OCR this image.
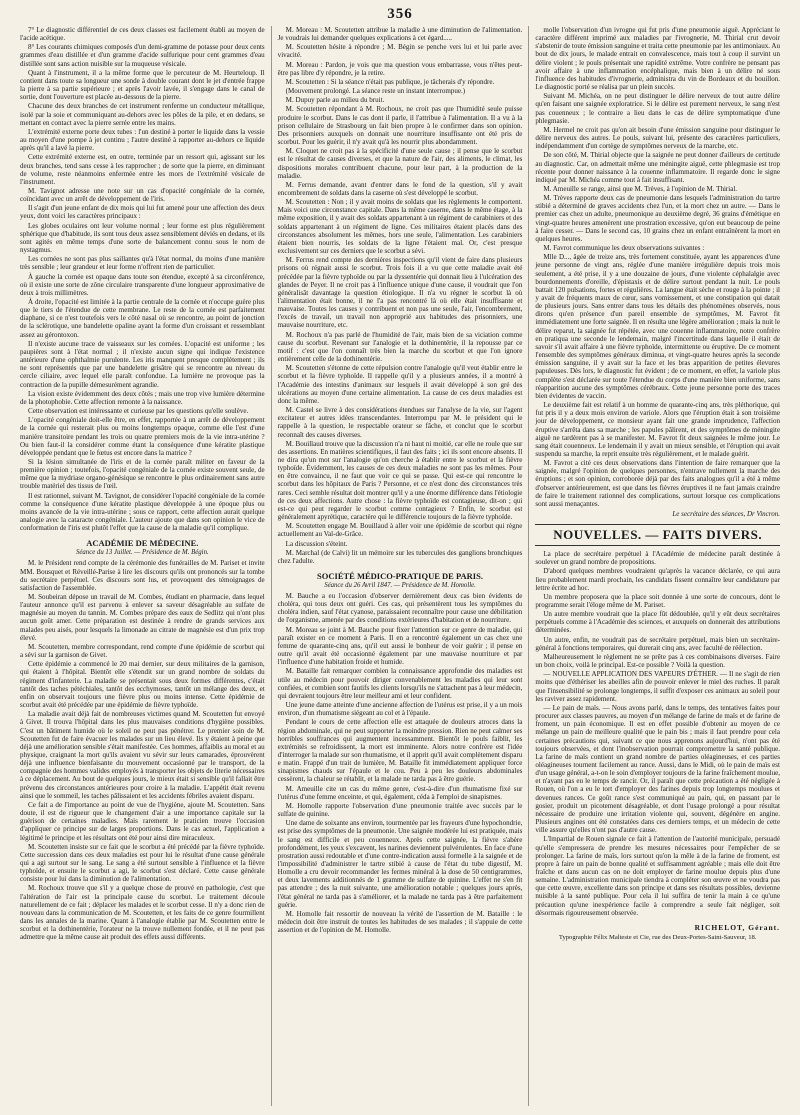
356

7° Le diagnostic différentiel de ces deux classes est facilement établi au moyen de l'acide acétique.

8° Les courants chimiques composés d'un demi-gramme de potasse pour deux cents grammes d'eau distillée et d'un gramme d'acide sulfurique pour cent grammes d'eau distillée sont sans action nuisible sur la muqueuse vésicale.

Quant à l'instrument, il a la même forme que le percuteur de M. Heurteloup. Il contient dans toute sa longueur une sonde à double courant dont le jet d'entrée frappe la pierre à sa partie supérieure ; et après l'avoir lavée, il s'engage dans le canal de sortie, dont l'ouverture est placée au-dessous de la pierre.

Chacune des deux branches de cet instrument renferme un conducteur métallique, isolé par la soie et communiquant au-dehors avec les pôles de la pile, et en dedans, se mettant en contact avec la pierre serrée entre les mains.

L'extrémité externe porte deux tubes : l'un destiné à porter le liquide dans la vessie au moyen d'une pompe à jet continu ; l'autre destiné à rapporter au-dehors ce liquide après qu'il a lavé la pierre.

Cette extrémité externe est, en outre, terminée par un ressort qui, agissant sur les deux branches, tend sans cesse à les rapprocher ; de sorte que la pierre, en diminuant de volume, reste néanmoins enfermée entre les mors de l'extrémité vésicale de l'instrument.

M. Tavignot adresse une note sur un cas d'opacité congéniale de la cornée, coïncidant avec un arrêt de développement de l'iris.

Il s'agit d'un jeune enfant de dix mois qui lui fut amené pour une affection des deux yeux, dont voici les caractères principaux :

Les globes oculaires ont leur volume normal ; leur forme est plus régulièrement sphérique que d'habitude, ils sont tous deux assez sensiblement déviés en dedans, et ils sont agités en même temps d'une sorte de balancement connu sous le nom de nystagmus.

Les cornées ne sont pas plus saillantes qu'à l'état normal, du moins d'une manière très sensible ; leur grandeur et leur forme n'offrent rien de particulier.

À gauche la cornée est opaque dans toute son étendue, excepté à sa circonférence, où il existe une sorte de zône circulaire transparente d'une longueur approximative de deux à trois millimètres.

À droite, l'opacité est limitée à la partie centrale de la cornée et n'occupe guère plus que le tiers de l'étendue de cette membrane. Le reste de la cornée est parfaitement diaphane, si ce n'est toutefois vers le côté nasal où se rencontre, au point de jonction de la sclérotique, une bandelette opaline ayant la forme d'un croissant et ressemblant assez au gérontoxon.

Il n'existe aucune trace de vaisseaux sur les cornées. L'opacité est uniforme ; les paupières sont à l'état normal ; il n'existe aucun signe qui indique l'existence antérieure d'une ophthalmie purulente. Les iris manquent presque complètement ; ils ne sont représentés que par une bandelette grisâtre qui se rencontre au niveau du cercle ciliaire, avec lequel elle paraît confondue. La lumière ne provoque pas la contraction de la pupille démesurément agrandie.

La vision existe évidemment des deux côtés ; mais une trop vive lumière détermine de la photophobie. Cette affection remonte à la naissance.

Cette observation est intéressante et curieuse par les questions qu'elle soulève.

L'opacité congéniale doit-elle être, en effet, rapportée à un arrêt de développement de la cornée qui resterait plus ou moins longtemps opaque, comme elle l'est d'une manière transitoire pendant les trois ou quatre premiers mois de la vie intra-utérine ? Ou bien faut-il la considérer comme étant la conséquence d'une kératite plastique développée pendant que le fœtus est encore dans la matrice ?

Si la lésion simultanée de l'iris et de la cornée paraît militer en faveur de la première opinion ; toutefois, l'opacité congéniale de la cornée existe souvent seule, de même que la mydriase organo-génésique se rencontre le plus ordinairement sans autre trouble matériel des tissus de l'œil.

Il est rationnel, suivant M. Tavignot, de considérer l'opacité congéniale de la cornée comme la conséquence d'une kératite plastique développée à une époque plus ou moins avancée de la vie intra-utérine ; sous ce rapport, cette affection aurait quelque analogie avec la cataracte congéniale. L'auteur ajoute que dans son opinion le vice de conformation de l'iris est plutôt l'effet que la cause de la maladie qu'il complique.

ACADÉMIE DE MÉDECINE.
Séance du 13 Juillet. — Présidence de M. Bégin.

M. le Président rend compte de la cérémonie des funérailles de M. Pariset et invite MM. Bousquet et Réveillé-Parise à lire les discours qu'ils ont prononcés sur la tombe du secrétaire perpétuel. Ces discours sont lus, et provoquent des témoignages de satisfaction de l'assemblée.

M. Soubeiran dépose un travail de M. Combes, étudiant en pharmacie, dans lequel l'auteur annonce qu'il est parvenu à enlever sa saveur désagréable au sulfate de magnésie au moyen du tannin. M. Combes prépare des eaux de Sedlitz qui n'ont plus aucun goût amer. Cette préparation est destinée à rendre de grands services aux malades peu aisés, pour lesquels la limonade au citrate de magnésie est d'un prix trop élevé.

M. Scoutetten, membre correspondant, rend compte d'une épidémie de scorbut qui a sévi sur la garnison de Givet.

Cette épidémie a commencé le 20 mai dernier, sur deux militaires de la garnison, qui étaient à l'hôpital. Bientôt elle s'étendit sur un grand nombre de soldats du régiment d'infanterie. La maladie se présentait sous deux formes différentes, c'était tantôt des taches pétéchiales, tantôt des ecchymoses, tantôt un mélange des deux, et enfin on observait toujours une fièvre plus ou moins intense. Cette épidémie de scorbut avait été précédée par une épidémie de fièvre typhoïde.

La maladie avait déjà fait de nombreuses victimes quand M. Scoutetten fut envoyé à Givet. Il trouva l'hôpital dans les plus mauvaises conditions d'hygiène possibles. C'est un bâtiment humide où le soleil ne peut pas pénétrer. Le premier soin de M. Scoutetten fut de faire évacuer les malades sur un lieu élevé. Ils y étaient à peine que déjà une amélioration sensible s'était manifestée. Ces hommes, affaiblis au moral et au physique, craignant la mort qu'ils avaient vu sévir sur leurs camarades, éprouvèrent déjà une influence bienfaisante du mouvement occasionné par le transport, de la compagnie des hommes valides employés à transporter les objets de literie nécessaires à ce déplacement. Au bout de quelques jours, le mieux était si sensible qu'il fallait être prévenu des circonstances antérieures pour croire à la maladie. L'appétit était revenu ainsi que le sommeil, les taches pâlissaient et les accidents fébriles avaient disparu.

Ce fait a de l'importance au point de vue de l'hygiène, ajoute M. Scoutetten. Sans doute, il est de rigueur que le changement d'air a une importance capitale sur la guérison de certaines maladies. Mais rarement le praticien trouve l'occasion d'appliquer ce principe sur de larges proportions. Dans le cas actuel, l'application a légitimé le principe et les résultats ont été pour ainsi dire miraculeux.

M. Scoutetten insiste sur ce fait que le scorbut a été précédé par la fièvre typhoïde. Cette succession dans ces deux maladies est pour lui le résultat d'une cause générale qui a agi surtout sur le sang. Le sang a été surtout sensible à l'influence et la fièvre typhoïde, et ensuite le scorbut a agi, le scorbut s'est déclaré. Cette cause générale consiste pour lui dans la diminution de l'alimentation.

M. Rochoux trouve que s'il y a quelque chose de prouvé en pathologie, c'est que l'altération de l'air est la principale cause du scorbut. Le traitement découle naturellement de ce fait ; déplacer les malades et le scorbut cesse. Il n'y a donc rien de nouveau dans la communication de M. Scoutetten, et les faits de ce genre fourmillent dans les annales de la marine. Quant à l'analogie établie par M. Scoutetten entre le scorbut et la dothinentérie, l'orateur ne la trouve nullement fondée, et il ne peut pas admettre que la même cause ait produit des effets aussi différents.

M. Moreau : M. Scoutetten attribue la maladie à une diminution de l'alimentation. Je voudrais lui demander quelques explications à cet égard.....

M. Scoutetten hésite à répondre ; M. Bégin se penche vers lui et lui parle avec vivacité.

M. Moreau : Pardon, je vois que ma question vous embarrasse, vous n'êtes peut-être pas libre d'y répondre, je la retire.

M. Scoutetten : Si la séance n'était pas publique, je tâcherais d'y répondre.

(Mouvement prolongé. La séance reste un instant interrompue.)

M. Dupuy parle au milieu du bruit.

M. Scoutetten répondant à M. Rochoux, ne croit pas que l'humidité seule puisse produire le scorbut. Dans le cas dont il parle, il l'attribue à l'alimentation. Il a vu à la prison cellulaire de Strasbourg un fait bien propre à le confirmer dans son opinion. Des prisonniers auxquels on donnait une nourriture insuffisante ont été pris de scorbut. Pour les guérir, il n'y avait qu'à les nourrir plus abondamment.

M. Cloquet ne croit pas à la spécificité d'une seule cause ; il pense que le scorbut est le résultat de causes diverses, et que la nature de l'air, des aliments, le climat, les dispositions morales contribuent chacune, pour leur part, à la production de la maladie.

M. Ferrus demande, avant d'entrer dans le fond de la question, s'il y avait encombrement de soldats dans la caserne où s'est développé le scorbut.

M. Scoutetten : Non ; il y avait moins de soldats que les règlements le comportent. Mais voici une circonstance capitale. Dans la même caserne, dans le même étage, à la même exposition, il y avait des soldats appartenant à un régiment de carabiniers et des soldats appartenant à un régiment de ligne. Ces militaires étaient placés dans des circonstances absolument les mêmes, hors une seule, l'alimentation. Les carabiniers étaient bien nourris, les soldats de la ligne l'étaient mal. Or, c'est presque exclusivement sur ces derniers que le scorbut a sévi.

M. Ferrus rend compte des dernières inspections qu'il vient de faire dans plusieurs prisons où régnait aussi le scorbut. Trois fois il a vu que cette maladie avait été précédée par la fièvre typhoïde ou par la dyssentérie qui donnait lieu à l'ulcération des glandes de Peyer. Il ne croit pas à l'influence unique d'une cause, il voudrait que l'on généralisât davantage la question étiologique. Il n'a vu régner le scorbut là où l'alimentation était bonne, il ne l'a pas rencontré là où elle était insuffisante et mauvaise. Toutes les causes y contribuent et non pas une seule, l'air, l'encombrement, l'excès de travail, un travail non approprié aux habitudes des prisonniers, une mauvaise nourriture, etc.

M. Rochoux n'a pas parlé de l'humidité de l'air, mais bien de sa viciation comme cause du scorbut. Revenant sur l'analogie et la dothinentérie, il la repousse par ce motif : c'est que l'on connaît très bien la marche du scorbut et que l'on ignore entièrement celle de la dothinentérie.

M. Scoutetten s'étonne de cette répulsion contre l'analogie qu'il veut établir entre le scorbut et la fièvre typhoïde. Il rappelle qu'il y a plusieurs années, il a montré à l'Académie des intestins d'animaux sur lesquels il avait développé à son gré des ulcérations au moyen d'une certaine alimentation. La cause de ces deux maladies est donc la même.

M. Castel se livre à des considérations étendues sur l'analyse de la vie, sur l'agent excitateur et autres idées transcendantes. Interrompu par M. le président qui le rappelle à la question, le respectable orateur se fâche, et conclut que le scorbut reconnaît des causes diverses.

M. Bouillaud trouve que la discussion n'a ni haut ni moitié, car elle ne roule que sur des assertions. En matières scientifiques, il faut des faits ; ici ils sont encore absents. Il ne dira qu'un mot sur l'analogie qu'on cherche à établir entre le scorbut et la fièvre typhoïde. Évidemment, les causes de ces deux maladies ne sont pas les mêmes. Pour en être convaincu, il ne faut que voir ce qui se passe. Qui est-ce qui rencontre le scorbut dans les hôpitaux de Paris ? Personne, et ce n'est donc des circonstances très rares. Ceci semble résultat doit montrer qu'il y a une énorme différence dans l'étiologie de ces deux affections. Autre chose : la fièvre typhoïde est contagieuse, dit-on ; qui est-ce qui peut regarder le scorbut comme contagieux ? Enfin, le scorbut est généralement apyrétique, caractère qui le différencie toujours de la fièvre typhoïde.

M. Scoutetten engage M. Bouillaud à aller voir une épidémie de scorbut qui règne actuellement au Val-de-Grâce.

La discussion s'éteint.

M. Marchal (de Calvi) lit un mémoire sur les tubercules des ganglions bronchiques chez l'adulte.

SOCIÉTÉ MÉDICO-PRATIQUE DE PARIS.
Séance du 26 Avril 1847. — Présidence de M. Homolle.

M. Bauche a eu l'occasion d'observer dernièrement deux cas bien évidents de choléra, qui tous deux ont guéri. Ces cas, qui présentèrent tous les symptômes du choléra indien, sauf l'état cyanose, paraissaient reconnaître pour cause une débilitation de l'organisme, amenée par des conditions extérieures d'habitation et de nourriture.

M. Moreau se joint à M. Bauche pour fixer l'attention sur ce genre de maladie, qui paraît exister en ce moment à Paris. Il en a rencontré également un cas chez une femme de quarante-cinq ans, qu'il eut aussi le bonheur de voir guérir ; il pense en outre qu'il avait été occasionné également par une mauvaise nourriture et par l'influence d'une habitation froide et humide.

M. Bataille fait remarquer combien la connaissance approfondie des maladies est utile au médecin pour pouvoir diriger convenablement les maladies qui leur sont confiées, et combien sont fautifs les clients lorsqu'ils ne s'attachent pas à leur médecin, qui devraient toujours être leur meilleur ami et leur confident.

Une jeune dame atteinte d'une ancienne affection de l'utérus est prise, il y a un mois environ, d'un rhumatisme siégeant au col et à l'épaule.

Pendant le cours de cette affection elle est attaquée de douleurs atroces dans la région abdominale, qui ne peut supporter la moindre pression. Rien ne peut calmer ses horribles souffrances qui augmentent incessamment. Bientôt le pouls faiblit, les extrémités se refroidissent, la mort est imminente. Alors notre confrère est l'idée d'interroger la malade sur son rhumatisme, et il apprit qu'il avait complètement disparu e matin. Frappé d'un trait de lumière, M. Bataille fit immédiatement appliquer force sinapismes chauds sur l'épaule et le cou. Peu à peu les douleurs abdominales cessèrent, la chaleur se rétablit, et la malade ne tarda pas à être guérie.

M. Ameuille cite un cas du même genre, c'est-à-dire d'un rhumatisme fixé sur l'utérus d'une femme enceinte, et qui, également, céda à l'emploi de sinapismes.

M. Homolle rapporte l'observation d'une pneumonie traitée avec succès par le sulfate de quinine.

Une dame de soixante ans environ, tourmentée par les frayeurs d'une hypochondrie, est prise des symptômes de la pneumonie. Une saignée modérée lui est pratiquée, mais le sang est difficile et peu couenneux. Après cette saignée, la fièvre s'abère profondément, les yeux s'excavent, les narines deviennent pulvérulentes. En face d'une prostration aussi redoutable et d'une contre-indication aussi formelle à la saignée et de l'impossibilité d'administrer le tartre stibié à cause de l'état du tube digestif, M. Homolle a cru devoir recommander les fermes minéral à la dose de 50 centigrammes, et deux lavements additionnés de 1 gramme de sulfate de quinine. L'effet ne s'en fit pas attendre ; des la nuit suivante, une amélioration notable ; quelques jours après, l'état général ne tarda pas à s'améliorer, et la malade ne tarda pas à être parfaitement guérie.

M. Homolle fait ressortir de nouveau la vérité de l'assertion de M. Bataille : le médecin doit être instruit de toutes les habitudes de ses malades ; il s'appuie de cette assertion et de l'opinion de M. Homolle.

molle l'observation d'un ivrogne qui fut pris d'une pneumonie aiguë. Appréciant le caractère différent imprimé aux maladies par l'ivrognerie, M. Thirial crut devoir s'abstenir de toute émission sanguine et traita cette pneumonie par les antimoniaux. Au bout de dix jours, le malade entrait en convalescence, mais tout à coup il survint un délire violent ; le pouls présentait une rapidité extrême. Votre confrère ne pensant pas avoir affaire à une inflammation encéphalique, mais bien à un délire né sous l'influence des habitudes d'ivrognerie, administra du vin de Bordeaux et du bouillon. Le diagnostic porté se réalisa par un plein succès.

Suivant M. Michéa, on ne peut distinguer le délire nerveux de tout autre délire qu'en faisant une saignée exploratrice. Si le délire est purement nerveux, le sang n'est pas couenneux ; le contraire a lieu dans le cas de délire symptomatique d'une phlegmasie.

M. Hermel ne croit pas qu'on ait besoin d'une émission sanguine pour distinguer le délire nerveux des autres. Le pouls, suivant lui, présente des caractères particuliers, indépendamment d'un cortège de symptômes nerveux de la marche, etc.

De son côté, M. Thirial objecte que la saignée ne peut donner d'ailleurs de certitude au diagnostic. Car, on admettait même une méningite aiguë, cette phlegmasie est trop récente pour donner naissance à la couenne inflammatoire. Il regarde donc le signe indiqué par M. Michéa comme tout à fait insuffisant.

M. Ameuille se range, ainsi que M. Trèves, à l'opinion de M. Thirial.

M. Trèves rapporte deux cas de pneumonie dans lesquels l'administration du tartre stibié a déterminé de graves accidents chez l'un, et la mort chez un autre. — Dans le premier cas chez un adulte, pneumonique au deuxième degré, 36 grains d'émétique en vingt-quatre heures amenèrent une prostration excessive, qu'on eut beaucoup de peine à faire cesser. — Dans le second cas, 10 grains chez un enfant entraînèrent la mort en quelques heures.

M. Favrot communique les deux observations suivantes :

Mlle D..., âgée de treize ans, très fortement constituée, ayant les apparences d'une jeune personne de vingt ans, réglée d'une manière irrégulière depuis trois mois seulement, a été prise, il y a une douzaine de jours, d'une violente céphalalgie avec bourdonnements d'oreille, d'épistaxis et de délire surtout pendant la nuit. Le pouls battait 120 pulsations, fortes et régulières. La langue était sèche et rouge à la pointe ; il y avait de fréquents maux de cœur, sans vomissement, et une constipation qui datait de plusieurs jours. Sans entrer dans tous les détails des phénomènes observés, nous dirons qu'en présence d'un pareil ensemble de symptômes, M. Favrot fit immédiatement une forte saignée. Il en résulta une légère amélioration ; mais la nuit le délire reparut, la saignée fut répétée, avec une couenne inflammatoire, notre confrère en pratiqua une seconde le lendemain, malgré l'incertitude dans laquelle il était de savoir s'il avait affaire à une fièvre typhoïde, intermittente ou éruptive. De ce moment l'ensemble des symptômes généraux diminua, et vingt-quatre heures après la seconde émission sanguine, il y avait sur la face et les bras apparition de petites élevures papuleuses. Dès lors, le diagnostic fut évident ; de ce moment, en effet, la variole plus complète s'est déclarée sur toute l'étendue du corps d'une manière bien uniforme, sans réapparition aucune des symptômes cérébraux. Cette jeune personne porte des traces bien évidentes de vaccin.

Le deuxième fait est relatif à un homme de quarante-cinq ans, très pléthorique, qui fut pris il y a deux mois environ de variole. Alors que l'éruption était à son troisième jour de développement, ce monsieur ayant fait une grande imprudence, l'affection éruptive s'arrêta dans sa marche ; les papules pâlirent, et des symptômes de méningite aiguë ne tardèrent pas à se manifester. M. Favrot fit deux saignées le même jour. Le sang était couenneux. Le lendemain il y avait un mieux sensible, et l'éruption qui avait suspendu sa marche, la reprit ensuite très régulièrement, et le malade guérit.

M. Favrot a cité ces deux observations dans l'intention de faire remarquer que la saignée, malgré l'opinion de quelques personnes, n'entrave nullement la marche des éruptions ; et son opinion, corroborée déjà par des faits analogues qu'il a été à même d'observer antérieurement, est que dans les fièvres éruptives il ne faut jamais craindre de faire le traitement rationnel des complications, surtout lorsque ces complications sont aussi menaçantes.

Le secrétaire des séances, Dr Vincron.
NOUVELLES. — FAITS DIVERS.

La place de secrétaire perpétuel à l'Académie de médecine paraît destinée à soulever un grand nombre de propositions.

D'abord quelques membres voudraient qu'après la vacance déclarée, ce qui aura lieu probablement mardi prochain, les candidats fissent connaître leur candidature par lettre écrite ad hoc.

Un membre proposera que la place soit donnée à une sorte de concours, dont le programme serait l'éloge même de M. Pariset.

Un autre membre voudrait que la place fût dédoublée, qu'il y eût deux secrétaires perpétuels comme à l'Académie des sciences, et auxquels on donnerait des attributions déterminées.

Un autre, enfin, ne voudrait pas de secrétaire perpétuel, mais bien un secrétaire-général à fonctions temporaires, qui durerait cinq ans, avec faculté de réélection.

Malheureusement le règlement ne se prête pas à ces combinaisons diverses. Faire un bon choix, voilà le principal. Est-ce possible ? Voilà la question.

— NOUVELLE APPLICATION DES VAPEURS D'ÉTHER. — Il ne s'agit de rien moins que d'éthériser les abeilles afin de pouvoir enlever le miel des ruches. Il paraît que l'insensibilité se prolonge longtemps, il suffit d'exposer ces animaux au soleil pour les raviver assez rapidement.

— Le pain de maïs. — Nous avons parlé, dans le temps, des tentatives faites pour procurer aux classes pauvres, au moyen d'un mélange de farine de maïs et de farine de froment, un pain économique. Il est en effet possible d'obtenir au moyen de ce mélange un pain de meilleure qualité que le pain bis ; mais il faut prendre pour cela certaines précautions qui, suivant ce que nous apprenons aujourd'hui, n'ont pas été toujours observées, et dont l'inobservation pourrait compromettre la santé publique. La farine de maïs contient un grand nombre de parties oléagineuses, et ces parties oléagineuses tournent facilement au rance. Aussi, dans le Midi, où le pain de maïs est d'un usage général, a-t-on le soin d'employer toujours de la farine fraîchement moulue, et n'ayant pas eu le temps de rancir. Or, il paraît que cette précaution a été négligée à Rouen, où l'on a eu le tort d'employer des farines depuis trop longtemps moulues et devenues rances. Ce goût rance s'est communiqué au pain, qui, en passant par le gosier, produit un picotement désagréable, et dont l'usage prolongé a pour résultat nécessaire de produire une irritation violente qui, souvent, dégénère en angine. Plusieurs angines ont été constatées dans ces derniers temps, et un médecin de cette ville assure qu'elles n'ont pas d'autre cause.

L'Impartial de Rouen signale ce fait à l'attention de l'autorité municipale, persuadé qu'elle s'empressera de prendre les mesures nécessaires pour l'empêcher de se prolonger. La farine de maïs, lors surtout qu'on la mêle à de la farine de froment, est propre à faire un pain de bonne qualité et suffisamment agréable ; mais elle doit être fraîche et dans aucun cas on ne doit employer de farine moulue depuis plus d'une semaine. L'administration municipale tiendra à compléter son œuvre et ne voudra pas que cette œuvre, excellente dans son principe et dans ses résultats possibles, devienne nuisible à la santé publique. Pour cela il lui suffira de tenir la main à ce qu'une précaution qu'une inexpérience facile à comprendre a seule fait négliger, soit désormais rigoureusement observée.

RICHELOT, Gérant.
Typographie Félix Malteste et Cie, rue des Deux-Portes-Saint-Sauveur, 18.
